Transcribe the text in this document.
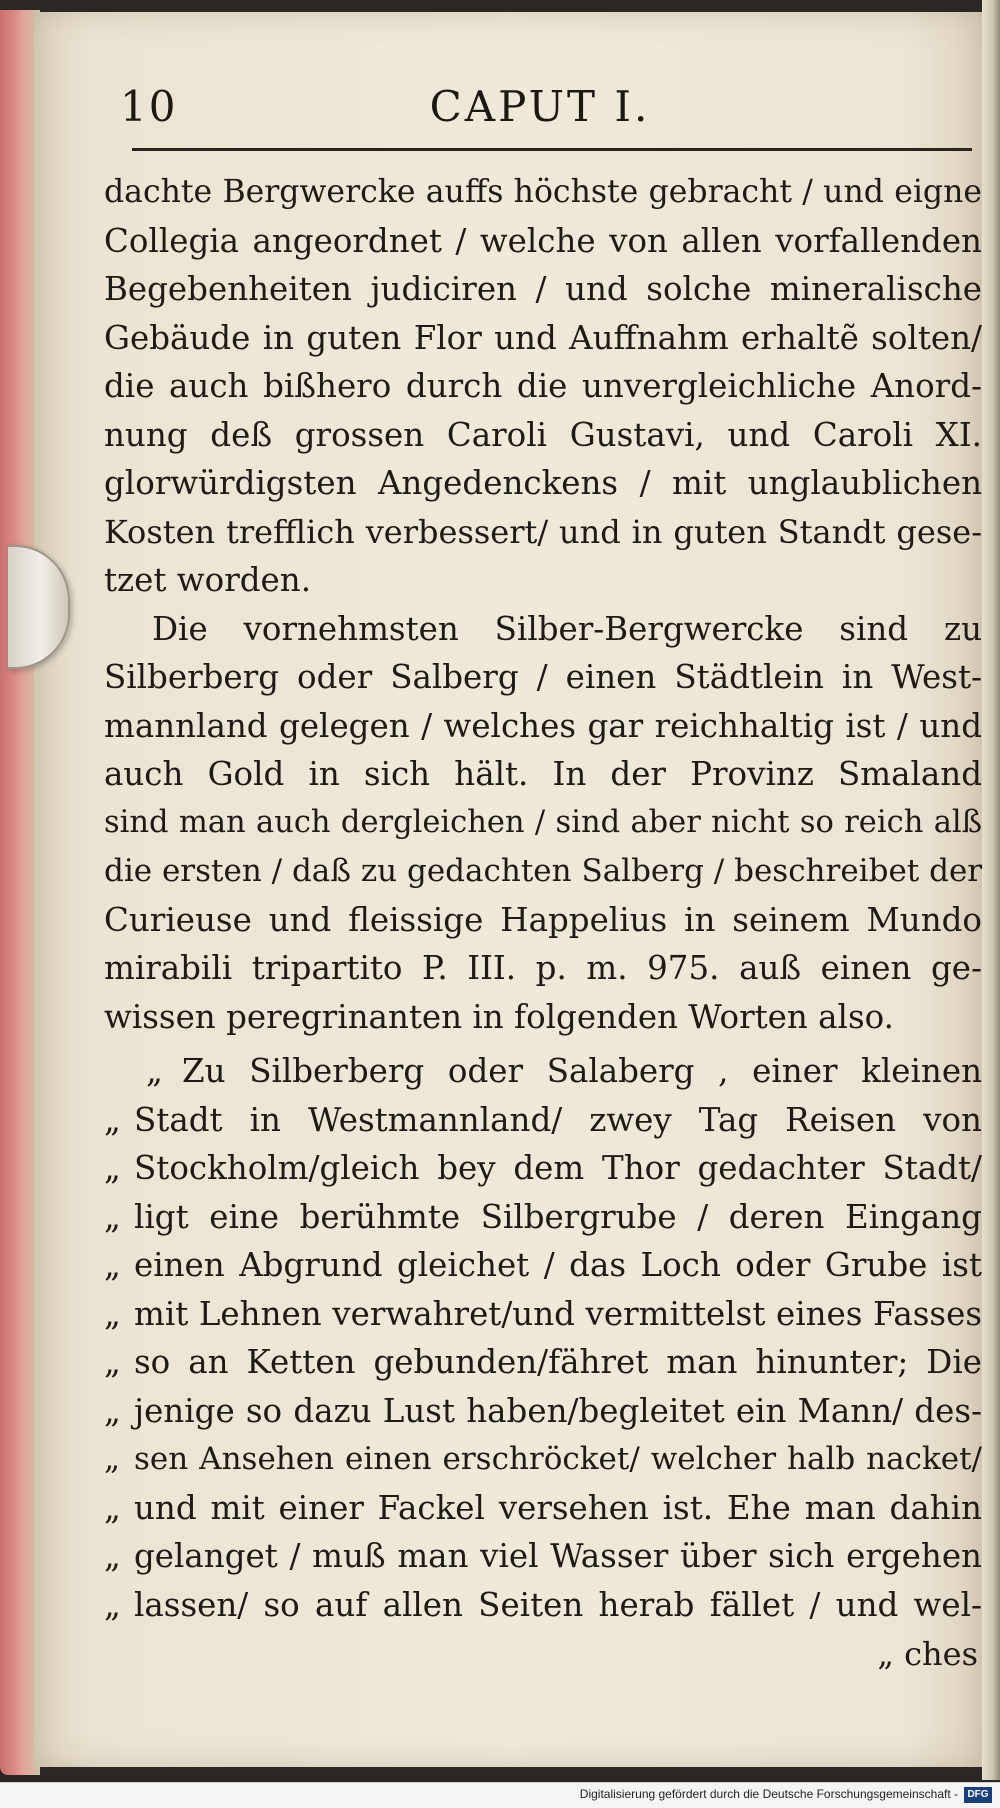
CAPUT I.
10
dachte Bergwercke auffs höchste gebracht / und eigne
Collegia angeordnet / welche von allen vorfallenden
Begebenheiten judiciren / und solche mineralische
Gebäude in guten Flor und Auffnahm erhaltẽ solten/
die auch bißhero durch die unvergleichliche Anord-
nung deß grossen Caroli Gustavi, und Caroli XI.
glorwürdigsten Angedenckens / mit unglaublichen
Kosten trefflich verbessert/ und in guten Standt gese-
tzet worden.
Die vornehmsten Silber-Bergwercke sind zu
Silberberg oder Salberg / einen Städtlein in West-
mannland gelegen / welches gar reichhaltig ist / und
auch Gold in sich hält. In der Provinz Smaland
sind man auch dergleichen / sind aber nicht so reich alß
die ersten / daß zu gedachten Salberg / beschreibet der
Curieuse und fleissige Happelius in seinem Mundo
mirabili tripartito P. III. p. m. 975. auß einen ge-
wissen peregrinanten in folgenden Worten also.
„ Zu Silberberg oder Salaberg , einer kleinen
„ Stadt in Westmannland/ zwey Tag Reisen von
„ Stockholm/gleich bey dem Thor gedachter Stadt/
„ ligt eine berühmte Silbergrube / deren Eingang
„ einen Abgrund gleichet / das Loch oder Grube ist
„ mit Lehnen verwahret/und vermittelst eines Fasses
„ so an Ketten gebunden/fähret man hinunter; Die
„ jenige so dazu Lust haben/begleitet ein Mann/ des-
„ sen Ansehen einen erschröcket/ welcher halb nacket/
„ und mit einer Fackel versehen ist. Ehe man dahin
„ gelanget / muß man viel Wasser über sich ergehen
„ lassen/ so auf allen Seiten herab fället / und wel-
„ ches
Digitalisierung gefördert durch die Deutsche Forschungsgemeinschaft - DFG
